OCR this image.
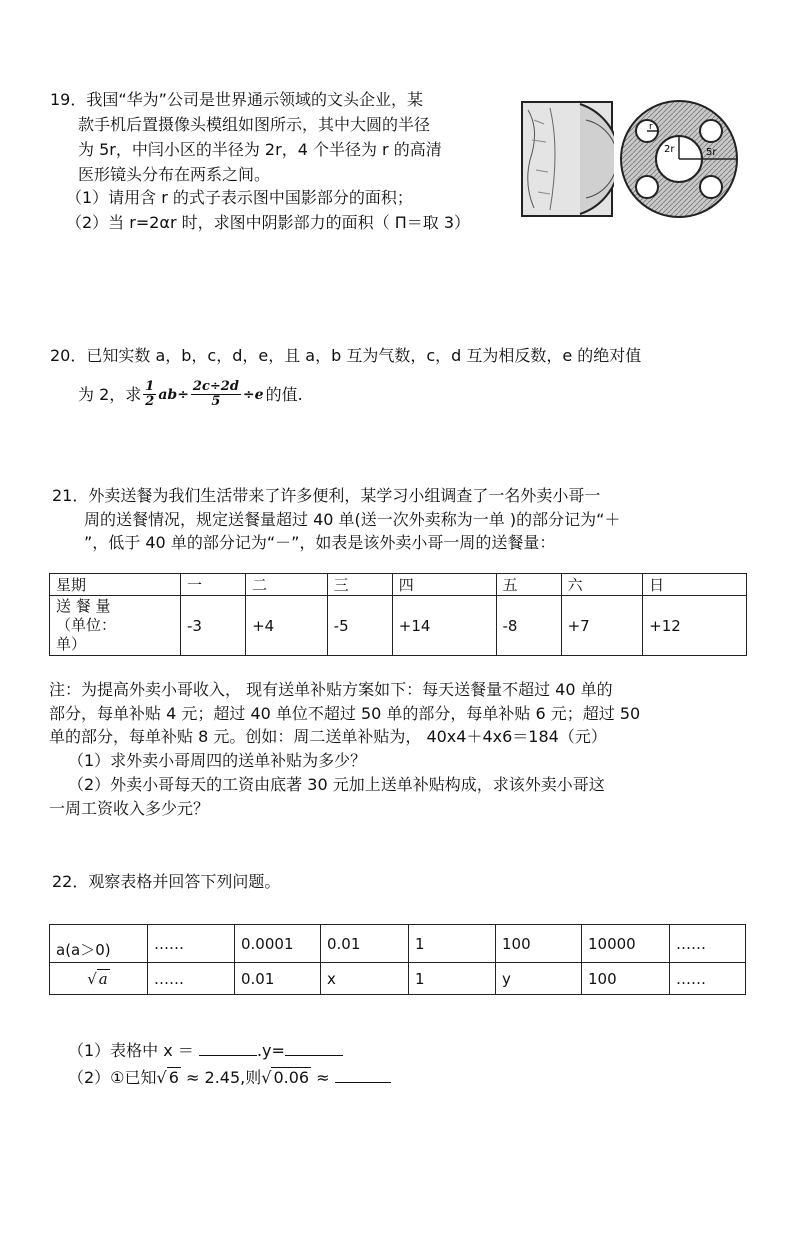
19．我国“华为”公司是世界通示领域的文头企业，某
款手机后置摄像头模组如图所示，其中大圆的半径
为 5r，中闫小区的半径为 2r，4 个半径为 r 的高清
医形镜头分布在两系之间。
（1）请用含 r 的式子表示图中国影部分的面积；
（2）当 r=2αr 时，求图中阴影部力的面积（ Π＝取 3）
r
2r	5r
20．已知实数 a，b，c，d，e，且 a，b 互为气数，c，d 互为相反数，e 的绝对值
为 2，求 $\frac{1}{2} ab\div \frac{2c\div 2d}{5} \div e$ 的值.
21．外卖送餐为我们生活带来了许多便利，某学习小组调查了一名外卖小哥一
周的送餐情况，规定送餐量超过 40 单(送一次外卖称为一单 )的部分记为“＋
”，低于 40 单的部分记为“－”，如表是该外卖小哥一周的送餐量：
星期	一	二	三	四	五	六	日

送 餐 量
（单位：
单）	-3	+4	-5	+14	-8	+7	+12
注：为提高外卖小哥收入， 现有送单补贴方案如下：每天送餐量不超过 40 单的
部分，每单补贴 4 元；超过 40 单位不超过 50 单的部分，每单补贴 6 元；超过 50
单的部分，每单补贴 8 元。创如：周二送单补贴为， 40x4＋4x6＝184（元）
（1）求外卖小哥周四的送单补贴为多少？
（2）外卖小哥每天的工资由底著 30 元加上送单补贴构成，求该外卖小哥这
一周工资收入多少元？
22．观察表格并回答下列问题。
a(a＞0)	……	0.0001	0.01	1	100	10000	……
√ a	……	0.01	x	1	y	100	……
（1）表格中 x ＝	.y=
（2）①已知√ 6 ≈ 2.45,则√ 0.06 ≈
